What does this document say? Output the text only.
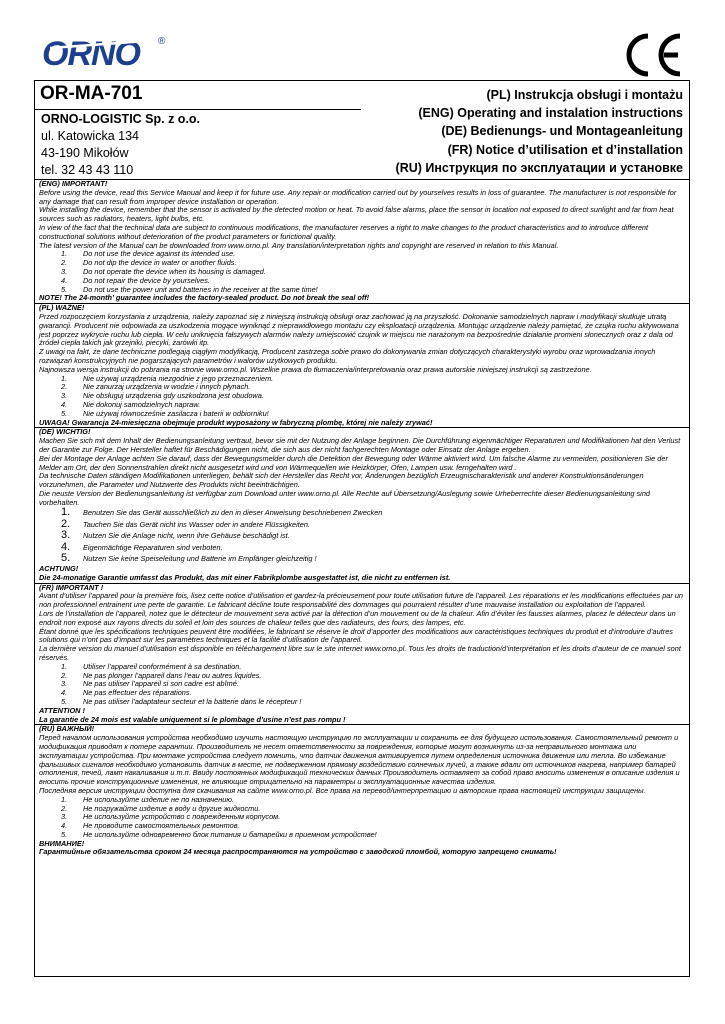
ORNO ®
OR-MA-701
ORNO-LOGISTIC Sp. z o.o.
ul. Katowicka 134
43-190 Mikołów
tel. 32 43 43 110
(PL) Instrukcja obsługi i montażu
(ENG) Operating and instalation instructions
(DE) Bedienungs- und Montageanleitung
(FR) Notice d’utilisation et d’installation
(RU) Инструкция по эксплуатации и установке

(ENG) IMPORTANT!

Before using the device, read this Service Manual and keep it for future use. Any repair or modification carried out by yourselves results in loss of guarantee. The manufacturer is not responsible for any damage that can result from improper device installation or operation.

While installing the device, remember that the sensor is activated by the detected motion or heat. To avoid false alarms, place the sensor in location not exposed to direct sunlight and far from heat sources such as radiators, heaters, light bulbs, etc.

In view of the fact that the technical data are subject to continuous modifications, the manufacturer reserves a right to make changes to the product characteristics and to introduce different constructional solutions without deterioration of the product parameters or functional quality.

The latest version of the Manual can be downloaded from www.orno.pl. Any translation/interpretation rights and copyright are reserved in relation to this Manual.

1. Do not use the device against its intended use.
2. Do not dip the device in water or another fluids.
3. Do not operate the device when its housing is damaged.
4. Do not repair the device by yourselves.
5. Do not use the power unit and batteries in the receiver at the same time!

NOTE! The 24-month’ guarantee includes the factory-sealed product. Do not break the seal off!

(PL) WAŻNE!

Przed rozpoczęciem korzystania z urządzenia, należy zapoznać się z niniejszą instrukcją obsługi oraz zachować ją na przyszłość. Dokonanie samodzielnych napraw i modyfikacji skutkuje utratą gwarancji. Producent nie odpowiada za uszkodzenia mogące wyniknąć z nieprawidłowego montażu czy eksploatacji urządzenia. Montując urządzenie należy pamiętać, że czujka ruchu aktywowana jest poprzez wykrycie ruchu lub ciepła. W celu uniknięcia fałszywych alarmów należy umiejscowić czujnik w miejscu nie narażonym na bezpośrednie działanie promieni słonecznych oraz z dala od źródeł ciepła takich jak grzejniki, piecyki, żarówki itp.

Z uwagi na fakt, że dane techniczne podlegają ciągłym modyfikacją, Producent zastrzega sobie prawo do dokonywania zmian dotyczących charakterystyki wyrobu oraz wprowadzania innych rozwiązań konstrukcyjnych nie pogarszających parametrów i walorów użytkowych produktu.

Najnowsza wersja instrukcji do pobrania na stronie www.orno.pl. Wszelkie prawa do tłumaczenia/interpretowania oraz prawa autorskie niniejszej instrukcji są zastrzeżone.

1. Nie używaj urządzenia niezgodnie z jego przeznaczeniem.
2. Nie zanurzaj urządzenia w wodzie i innych płynach.
3. Nie obsługuj urządzenia gdy uszkodzona jest obudowa.
4. Nie dokonuj samodzielnych napraw.
5. Nie używaj równocześnie zasilacza i baterii w odbiorniku!

UWAGA! Gwarancja 24-miesięczna obejmuje produkt wyposażony w fabryczną plombę, której nie należy zrywać!

(DE) WICHTIG!

Machen Sie sich mit dem Inhalt der Bedienungsanleitung vertraut, bevor sie mit der Nutzung der Anlage beginnen. Die Durchführung eigenmächtiger Reparaturen und Modifikationen hat den Verlust der Garantie zur Folge. Der Hersteller haftet für Beschädigungen nicht, die sich aus der nicht fachgerechten Montage oder Einsatz der Anlage ergeben.

Bei der Montage der Anlage achten Sie darauf, dass der Bewegungsmelder durch die Detektion der Bewegung oder Wärme aktiviert wird. Um falsche Alarme zu vermeiden, positionieren Sie der Melder am Ort, der den Sonnenstrahlen direkt nicht ausgesetzt wird und von Wärmequellen wie Heizkörper, Öfen, Lampen usw. ferngehalten wird .

Da technische Daten ständigen Modifikationen unterliegen, behält sich der Hersteller das Recht vor, Änderungen bezüglich Erzeugnischarakteristik und anderer Konstruktionsänderungen vorzunehmen, die Parameter und Nutzwerte des Produkts nicht beeinträchtigen.

Die neuste Version der Bedienungsanleitung ist verfügbar zum Download unter www.orno.pl. Alle Rechte auf Übersetzung/Auslegung sowie Urheberrechte dieser Bedienungsanleitung sind vorbehalten.

1. Benutzen Sie das Gerät ausschließlich zu den in dieser Anweisung beschriebenen Zwecken
2. Tauchen Sie das Gerät nicht ins Wasser oder in andere Flüssigkeiten.
3. Nutzen Sie die Anlage nicht, wenn ihre Gehäuse beschädigt ist.
4. Eigenmächtige Reparaturen sind verboten.
5. Nutzen Sie keine Speiseleitung und Batterie im Empfänger gleichzeitig !

ACHTUNG!

Die 24-monatige Garantie umfasst das Produkt, das mit einer Fabrikplombe ausgestattet ist, die nicht zu entfernen ist.

(FR) IMPORTANT !

Avant d’utiliser l’appareil pour la première fois, lisez cette notice d’utilisation et gardez-la précieusement pour toute utilisation future de l’appareil. Les réparations et les modifications effectuées par un non professionnel entrainent une perte de garantie. Le fabricant décline toute responsabilité des dommages qui pourraient résulter d’une mauvaise installation ou exploitation de l’appareil.

Lors de l’installation de l’appareil, notez que le détecteur de mouvement sera activé par la détection d’un mouvement ou de la chaleur. Afin d’éviter les fausses alarmes, placez le détecteur dans un endroit non exposé aux rayons directs du soleil et loin des sources de chaleur telles que des radiateurs, des fours, des lampes, etc.

Étant donné que les spécifications techniques peuvent être modifiées, le fabricant se réserve le droit d’apporter des modifications aux caractéristiques techniques du produit et d’introduire d’autres solutions qui n’ont pas d’impact sur les paramètres techniques et la facilité d’utilisation de l’appareil.

La dernière version du manuel d’utilisation est disponible en téléchargement libre sur le site internet www.orno.pl. Tous les droits de traduction/d’interprétation et les droits d’auteur de ce manuel sont réservés.

1. Utiliser l’appareil conformément à sa destination.
2. Ne pas plonger l’appareil dans l’eau ou autres liquides.
3. Ne pas utiliser l’appareil si son cadre est abîmé.
4. Ne pas effectuer des réparations.
5. Ne pas utiliser l’adaptateur secteur et la batterie dans le récepteur !

ATTENTION !

La garantie de 24 mois est valable uniquement si le plombage d’usine n’est pas rompu !

(RU) ВАЖНЫЙ!

Перед началом использования устройства необходимо изучить настоящую инструкцию по эксплуатации и сохранить ее для будущего использования. Самостоятельный ремонт и модификация приводят к потере гарантии. Производитель не несет ответственности за повреждения, которые могут возникнуть из-за неправильного монтажа или эксплуатации устройства. При монтаже устройства следует помнить, что датчик движения активируется путем определения источника движения или тепла. Во избежание фальшивых сигналов необходимо установить датчик в месте, не подверженном прямому воздействию солнечных лучей, а также вдали от источников нагрева, например батарей отопления, печей, ламп накаливания и т.п. Ввиду постоянных модификаций технических данных Производитель оставляет за собой право вносить изменения в описание изделия и вносить прочие конструкционные изменения, не влияющие отрицательно на параметры и эксплуатационные качества изделия.

Последняя версия инструкции доступна для скачивания на сайте www.orno.pl. Все права на перевод/интерпретацию и авторские права настоящей инструкции защищены.

1. Не используйте изделие не по назначению.
2. Не погружайте изделие в воду и другие жидкости.
3. Не используйте устройство с поврежденным корпусом.
4. Не проводите самостоятельных ремонтов.
5. Не используйте одновременно блок питания и батарейки в приемном устройстве!

ВНИМАНИЕ!

Гарантийные обязательства сроком 24 месяца распространяются на устройство с заводской пломбой, которую запрещено снимать!
